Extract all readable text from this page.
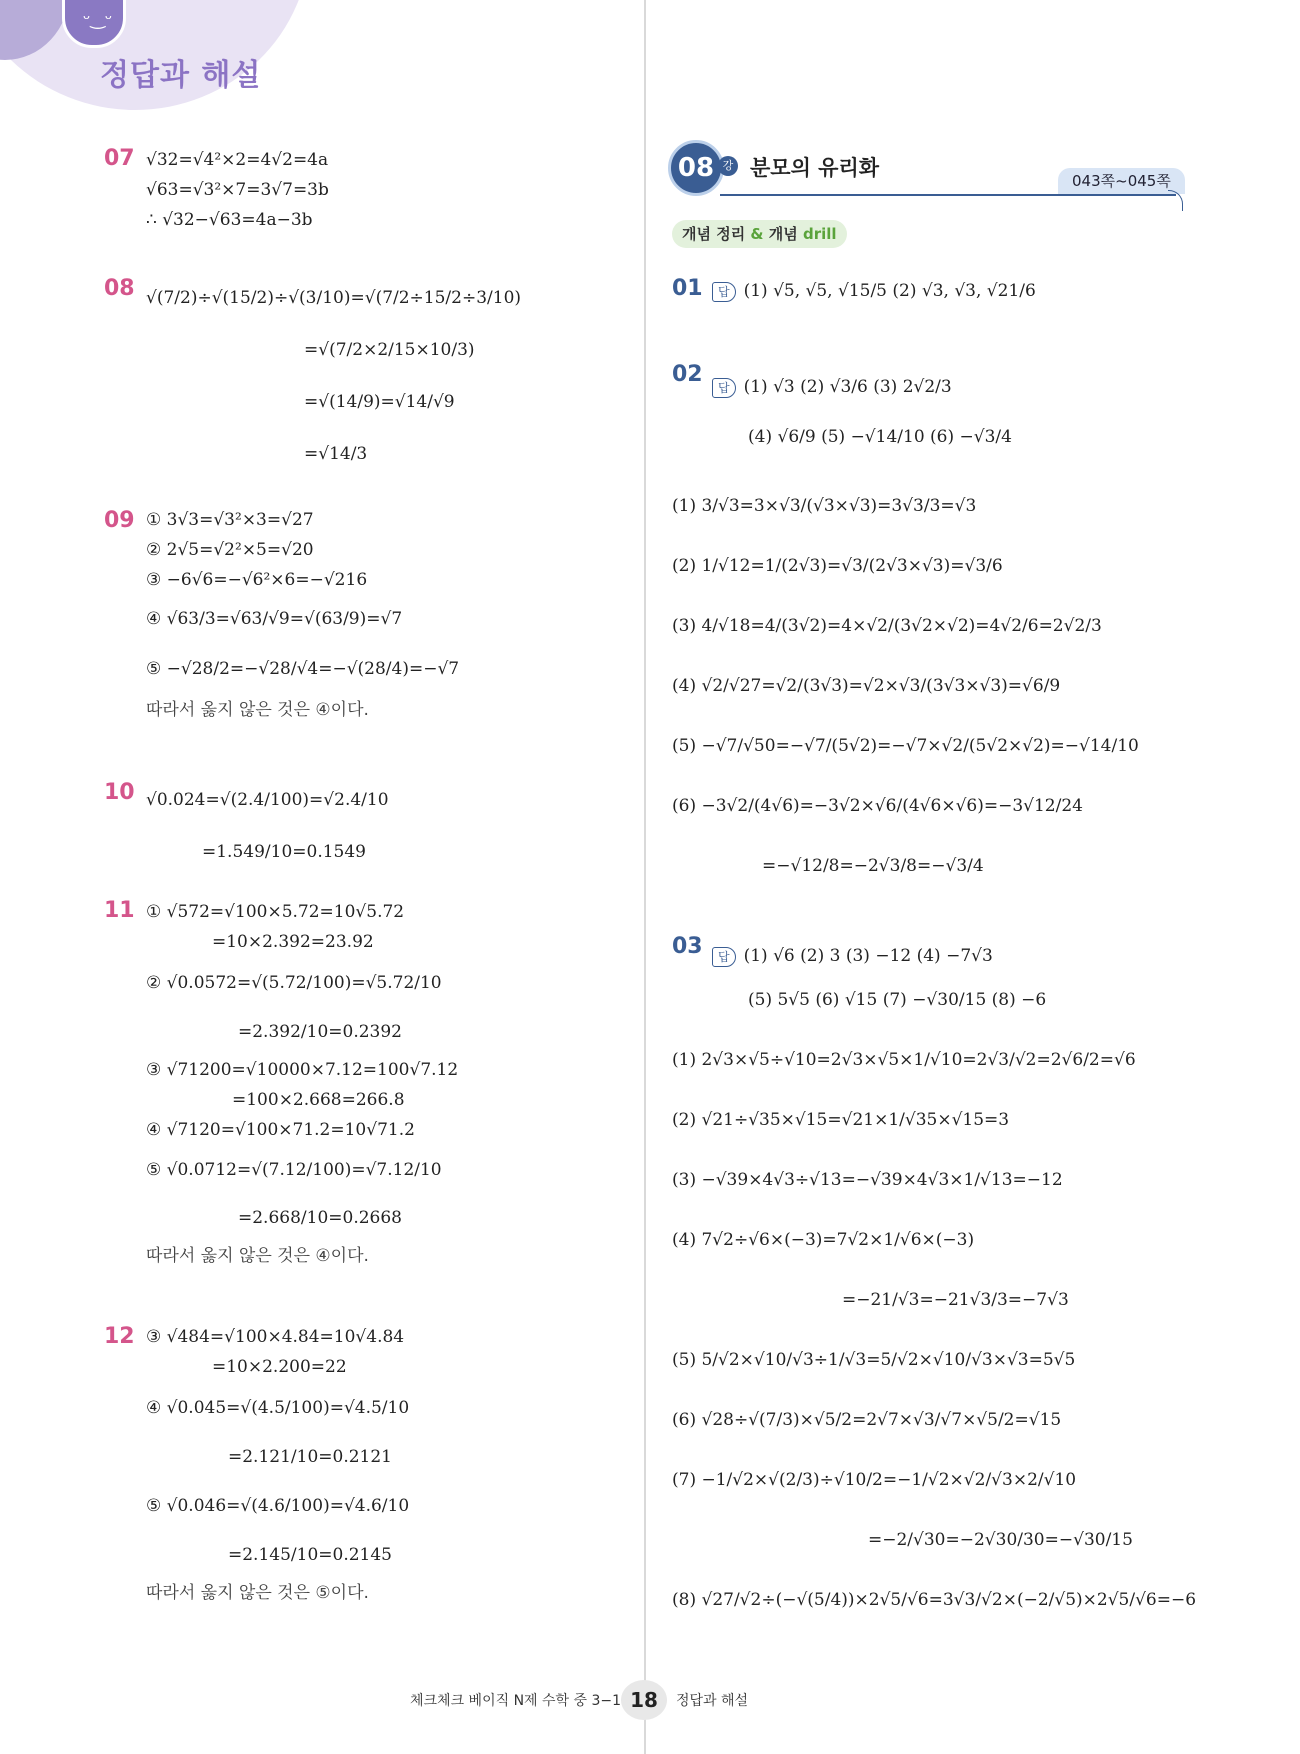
ᵕ‿ᵕ
정답과 해설
07 √32=√4²×2=4√2=4a
√63=√3²×7=3√7=3b
∴ √32−√63=4a−3b
08 √(7/2)÷√(15/2)÷√(3/10)=√(7/2÷15/2÷3/10)
=√(7/2×2/15×10/3)
=√(14/9)=√14/√9
=√14/3
09 ① 3√3=√3²×3=√27
② 2√5=√2²×5=√20
③ −6√6=−√6²×6=−√216
④ √63/3=√63/√9=√(63/9)=√7
⑤ −√28/2=−√28/√4=−√(28/4)=−√7
따라서 옳지 않은 것은 ④이다.
10 √0.024=√(2.4/100)=√2.4/10
=1.549/10=0.1549
11 ① √572=√100×5.72=10√5.72
=10×2.392=23.92
② √0.0572=√(5.72/100)=√5.72/10
=2.392/10=0.2392
③ √71200=√10000×7.12=100√7.12
=100×2.668=266.8
④ √7120=√100×71.2=10√71.2
⑤ √0.0712=√(7.12/100)=√7.12/10
=2.668/10=0.2668
따라서 옳지 않은 것은 ④이다.
12 ③ √484=√100×4.84=10√4.84
=10×2.200=22
④ √0.045=√(4.5/100)=√4.5/10
=2.121/10=0.2121
⑤ √0.046=√(4.6/100)=√4.6/10
=2.145/10=0.2145
따라서 옳지 않은 것은 ⑤이다.
08 강 분모의 유리화
043쪽~045쪽
개념 정리 & 개념 drill
01	답 (1) √5, √5, √15/5 (2) √3, √3, √21/6
02
답 (1) √3 (2) √3/6 (3) 2√2/3
(4) √6/9 (5) −√14/10 (6) −√3/4
(1) 3/√3=3×√3/(√3×√3)=3√3/3=√3
(2) 1/√12=1/(2√3)=√3/(2√3×√3)=√3/6
(3) 4/√18=4/(3√2)=4×√2/(3√2×√2)=4√2/6=2√2/3
(4) √2/√27=√2/(3√3)=√2×√3/(3√3×√3)=√6/9
(5) −√7/√50=−√7/(5√2)=−√7×√2/(5√2×√2)=−√14/10
(6) −3√2/(4√6)=−3√2×√6/(4√6×√6)=−3√12/24
=−√12/8=−2√3/8=−√3/4
03	답 (1) √6 (2) 3 (3) −12 (4) −7√3
(5) 5√5 (6) √15 (7) −√30/15 (8) −6
(1) 2√3×√5÷√10=2√3×√5×1/√10=2√3/√2=2√6/2=√6
(2) √21÷√35×√15=√21×1/√35×√15=3
(3) −√39×4√3÷√13=−√39×4√3×1/√13=−12
(4) 7√2÷√6×(−3)=7√2×1/√6×(−3)
=−21/√3=−21√3/3=−7√3
(5) 5/√2×√10/√3÷1/√3=5/√2×√10/√3×√3=5√5
(6) √28÷√(7/3)×√5/2=2√7×√3/√7×√5/2=√15
(7) −1/√2×√(2/3)÷√10/2=−1/√2×√2/√3×2/√10
=−2/√30=−2√30/30=−√30/15
(8) √27/√2÷(−√(5/4))×2√5/√6=3√3/√2×(−2/√5)×2√5/√6=−6
체크체크 베이직 N제 수학 중 3−1 18	정답과 해설
